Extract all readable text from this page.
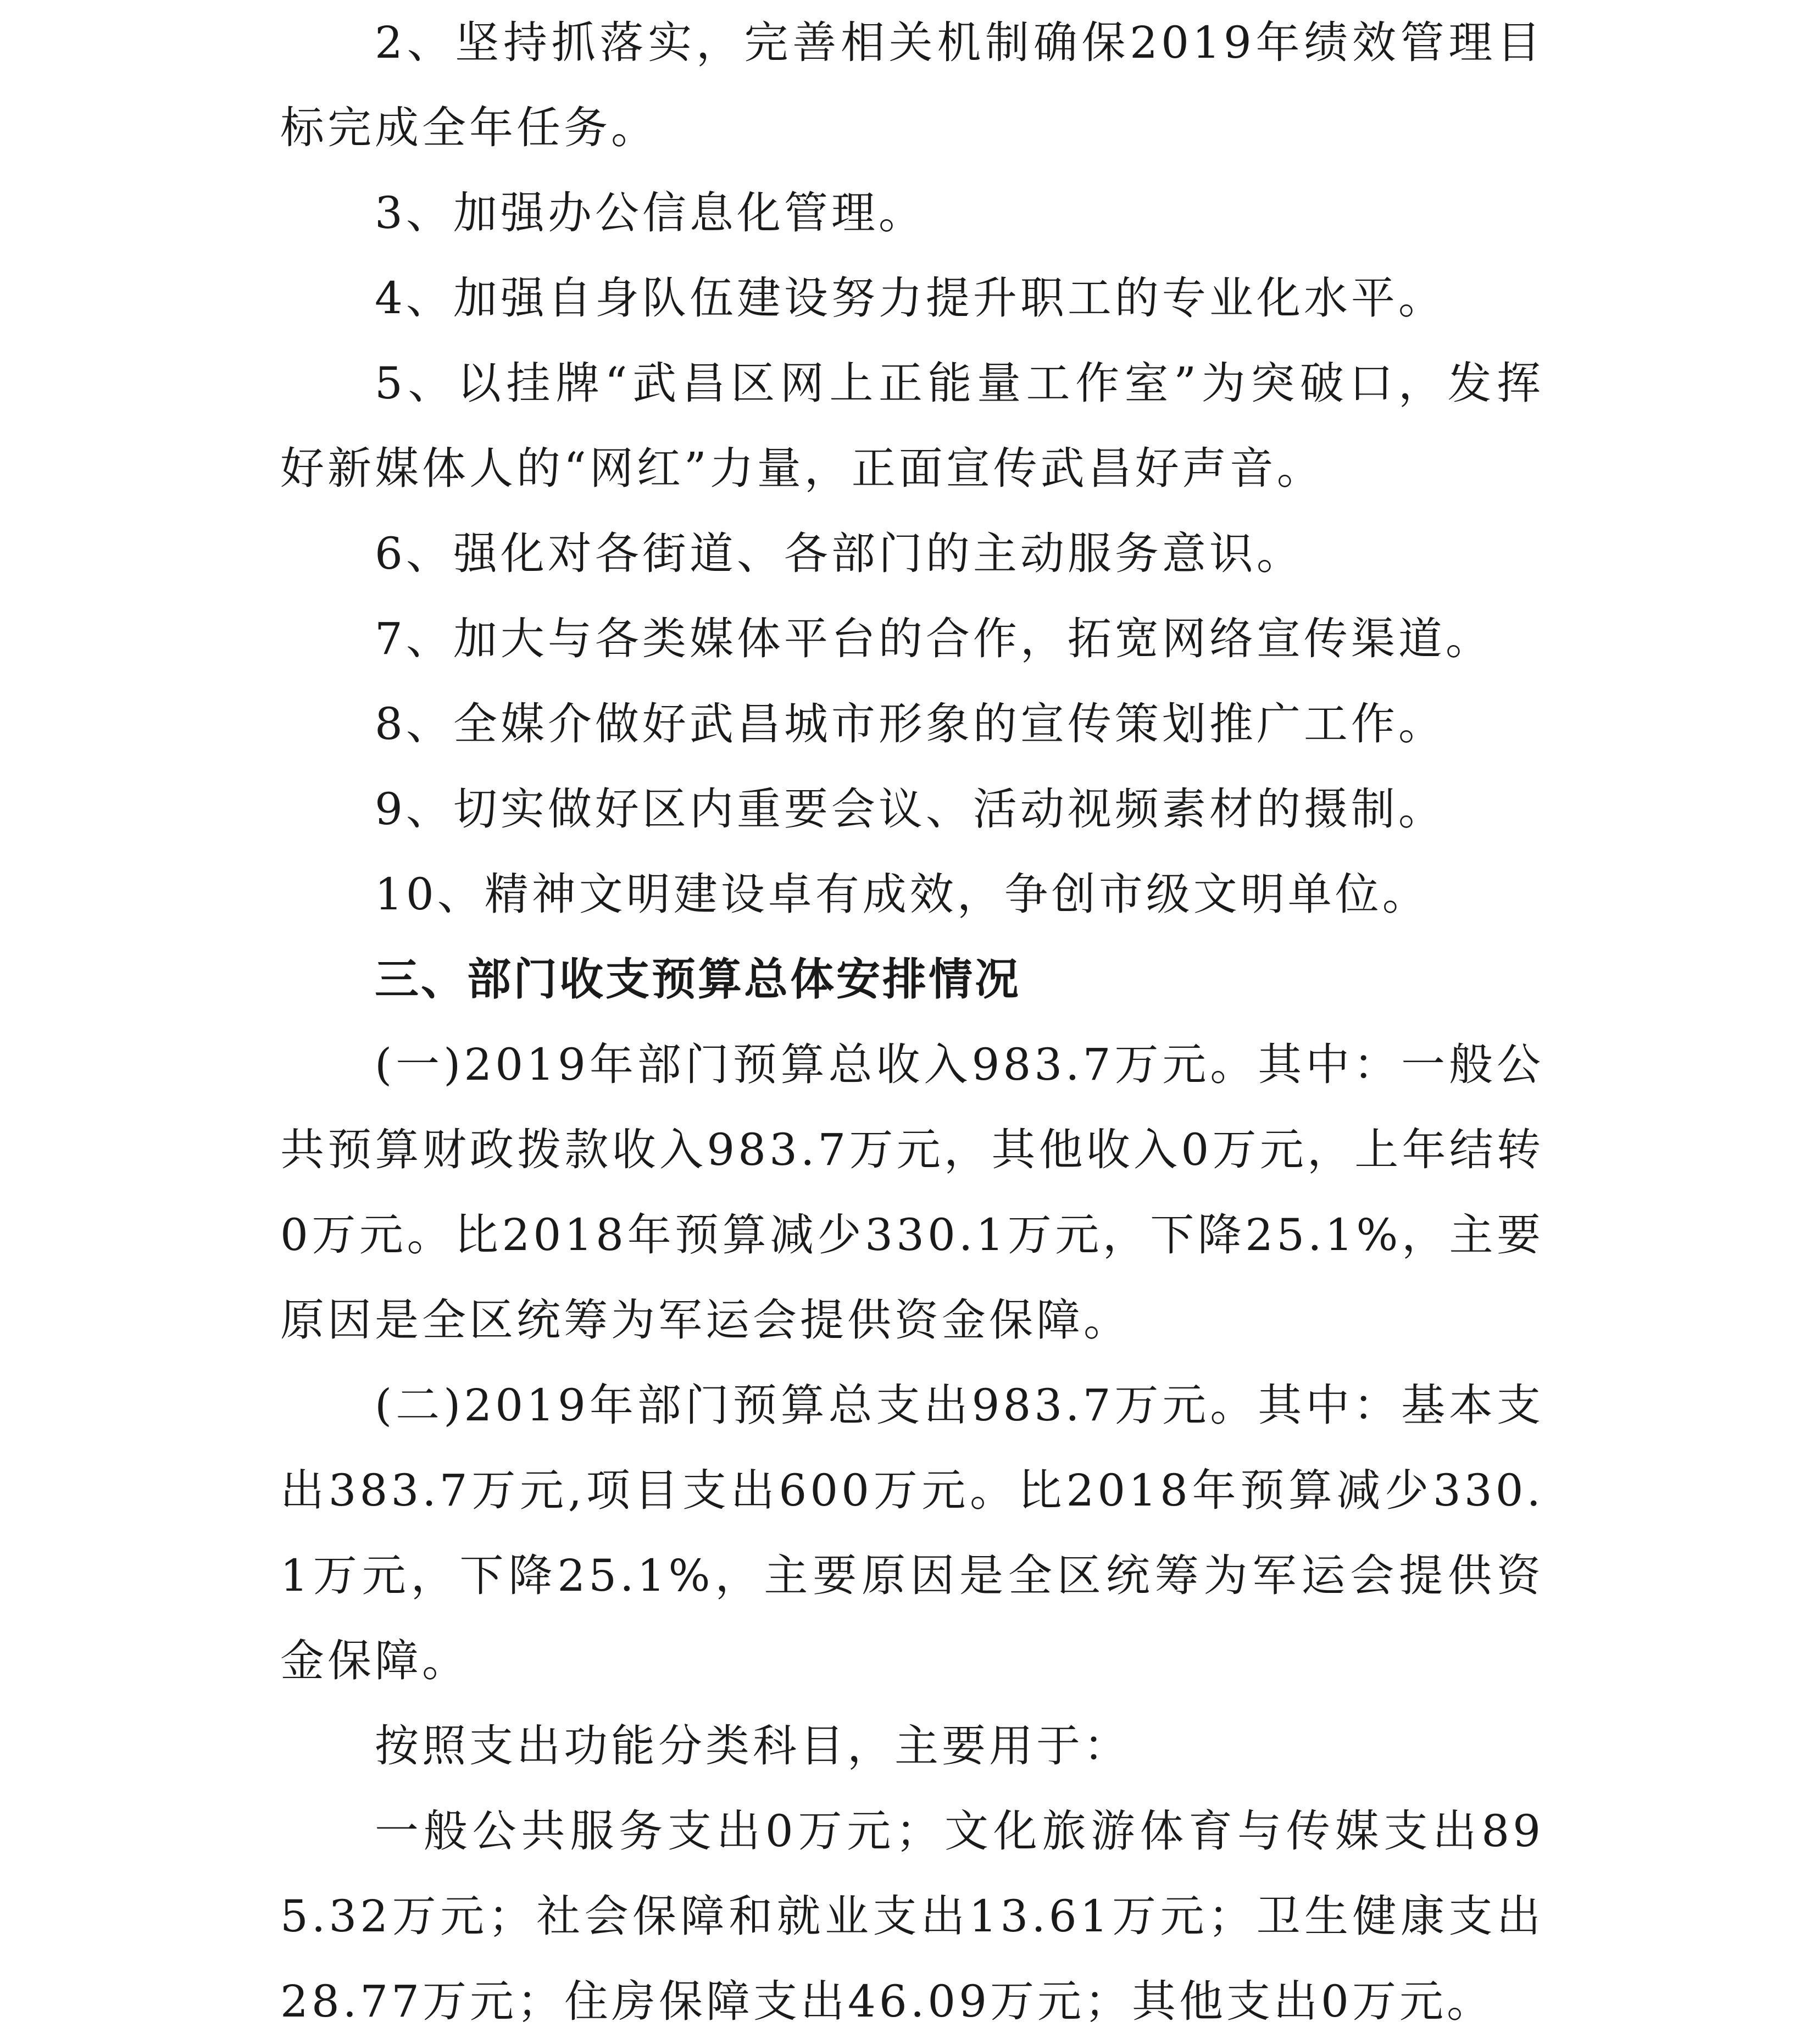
2、坚持抓落实，完善相关机制确保2019年绩效管理目标完成全年任务。

3、加强办公信息化管理。

4、加强自身队伍建设努力提升职工的专业化水平。

5、以挂牌“武昌区网上正能量工作室”为突破口，发挥好新媒体人的“网红”力量，正面宣传武昌好声音。

6、强化对各街道、各部门的主动服务意识。

7、加大与各类媒体平台的合作，拓宽网络宣传渠道。

8、全媒介做好武昌城市形象的宣传策划推广工作。

9、切实做好区内重要会议、活动视频素材的摄制。

10、精神文明建设卓有成效，争创市级文明单位。

三、部门收支预算总体安排情况

(一)2019年部门预算总收入983.7万元。其中：一般公共预算财政拨款收入983.7万元，其他收入0万元，上年结转0万元。比2018年预算减少330.1万元，下降25.1%，主要原因是全区统筹为军运会提供资金保障。

(二)2019年部门预算总支出983.7万元。其中：基本支出383.7万元,项目支出600万元。比2018年预算减少330.1万元，下降25.1%，主要原因是全区统筹为军运会提供资金保障。

按照支出功能分类科目，主要用于：

一般公共服务支出0万元；文化旅游体育与传媒支出895.32万元；社会保障和就业支出13.61万元；卫生健康支出28.77万元；住房保障支出46.09万元；其他支出0万元。
